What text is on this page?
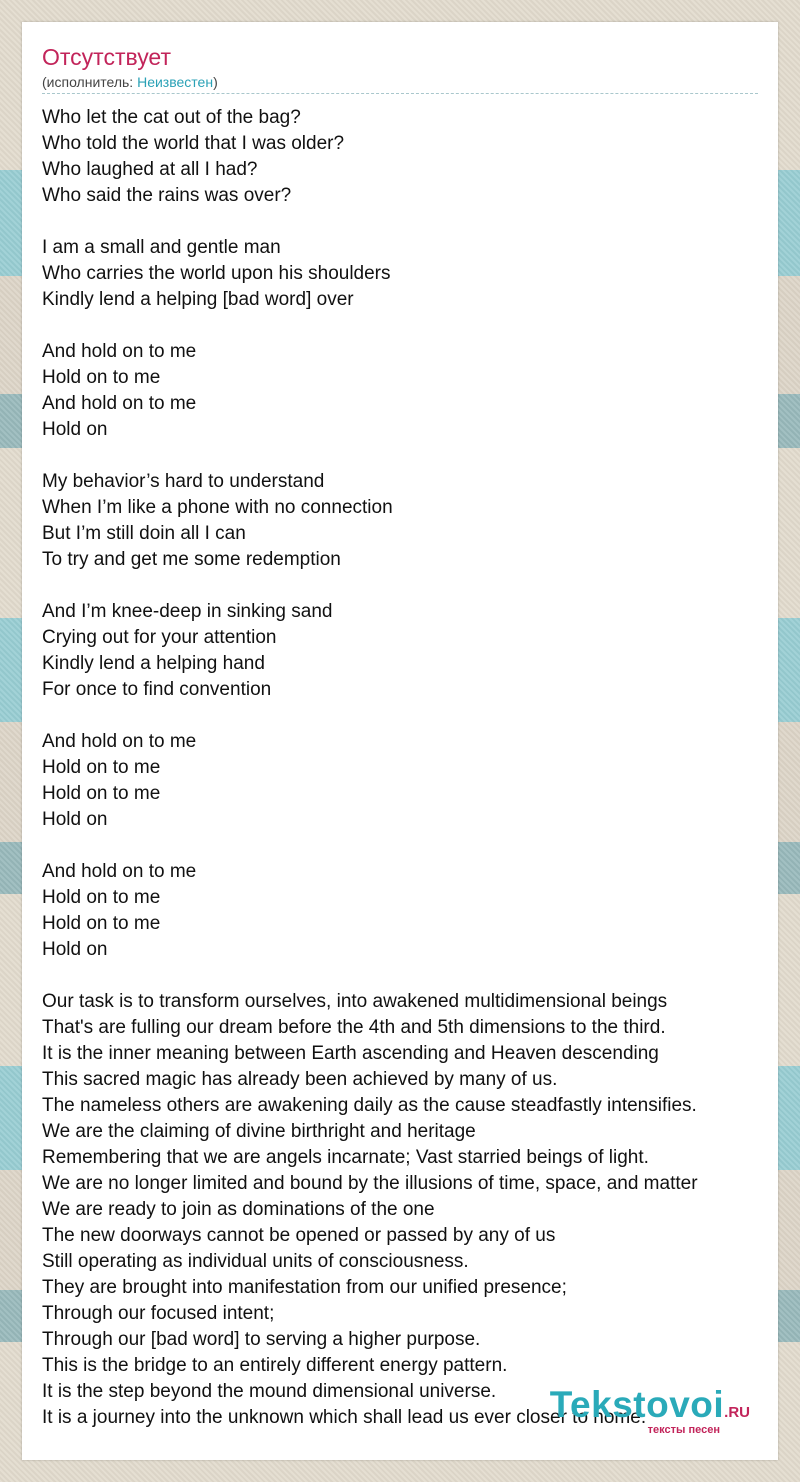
Отсутствует
(исполнитель: Неизвестен)
Who let the cat out of the bag?
Who told the world that I was older?
Who laughed at all I had?
Who said the rains was over?
I am a small and gentle man
Who carries the world upon his shoulders
Kindly lend a helping [bad word] over
And hold on to me
Hold on to me
And hold on to me
Hold on
My behavior’s hard to understand
When I’m like a phone with no connection
But I’m still doin all I can
To try and get me some redemption
And I’m knee-deep in sinking sand
Crying out for your attention
Kindly lend a helping hand
For once to find convention
And hold on to me
Hold on to me
Hold on to me
Hold on
And hold on to me
Hold on to me
Hold on to me
Hold on
Our task is to transform ourselves, into awakened multidimensional beings
That's are fulling our dream before the 4th and 5th dimensions to the third.
It is the inner meaning between Earth ascending and Heaven descending
This sacred magic has already been achieved by many of us.
The nameless others are awakening daily as the cause steadfastly intensifies.
We are the claiming of divine birthright and heritage
Remembering that we are angels incarnate; Vast starried beings of light.
We are no longer limited and bound by the illusions of time, space, and matter
We are ready to join as dominations of the one
The new doorways cannot be opened or passed by any of us
Still operating as individual units of consciousness.
They are brought into manifestation from our unified presence;
Through our focused intent;
Through our [bad word] to serving a higher purpose.
This is the bridge to an entirely different energy pattern.
It is the step beyond the mound dimensional universe.
It is a journey into the unknown which shall lead us ever closer to home.
Tekstovoi.RU
тексты песен
